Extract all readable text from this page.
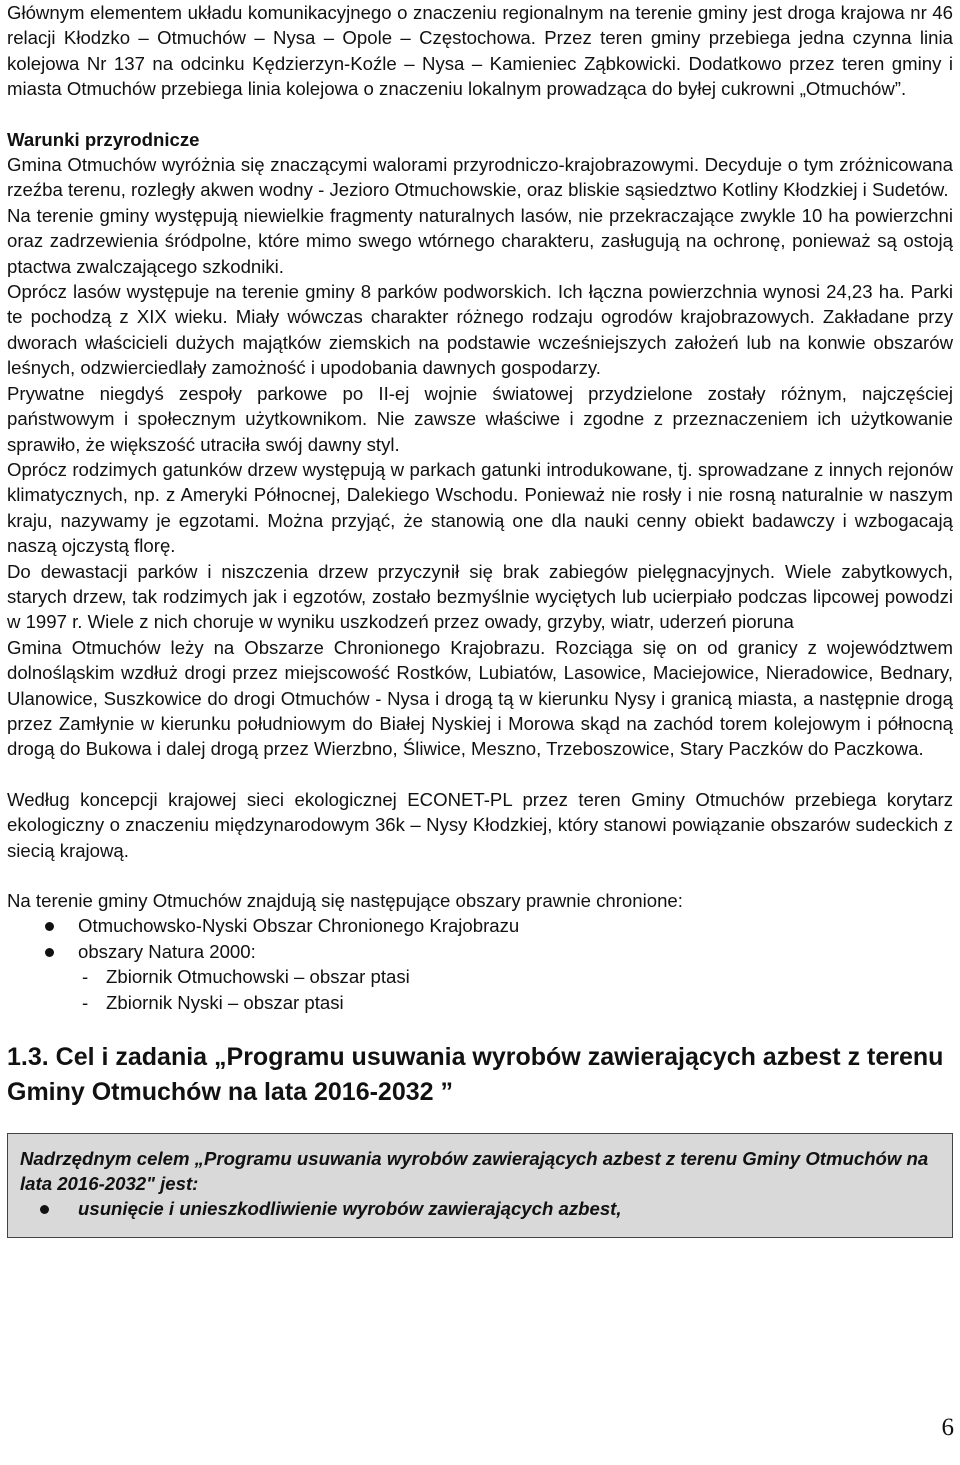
Głównym elementem układu komunikacyjnego o znaczeniu regionalnym na terenie gminy jest droga krajowa nr 46 relacji Kłodzko – Otmuchów – Nysa – Opole – Częstochowa. Przez teren gminy przebiega jedna czynna linia kolejowa Nr 137 na odcinku Kędzierzyn-Koźle – Nysa – Kamieniec Ząbkowicki. Dodatkowo przez teren gminy i miasta Otmuchów przebiega linia kolejowa o znaczeniu lokalnym prowadząca do byłej cukrowni „Otmuchów”.

Warunki przyrodnicze

Gmina Otmuchów wyróżnia się znaczącymi walorami przyrodniczo-krajobrazowymi. Decyduje o tym zróżnicowana rzeźba terenu, rozległy akwen wodny - Jezioro Otmuchowskie, oraz bliskie sąsiedztwo Kotliny Kłodzkiej i Sudetów.

Na terenie gminy występują niewielkie fragmenty naturalnych lasów, nie przekraczające zwykle 10 ha powierzchni oraz zadrzewienia śródpolne, które mimo swego wtórnego charakteru, zasługują na ochronę, ponieważ są ostoją ptactwa zwalczającego szkodniki.

Oprócz lasów występuje na terenie gminy 8 parków podworskich. Ich łączna powierzchnia wynosi 24,23 ha. Parki te pochodzą z XIX wieku. Miały wówczas charakter różnego rodzaju ogrodów krajobrazowych. Zakładane przy dworach właścicieli dużych majątków ziemskich na podstawie wcześniejszych założeń lub na konwie obszarów leśnych, odzwierciedlały zamożność i upodobania dawnych gospodarzy.

Prywatne niegdyś zespoły parkowe po II-ej wojnie światowej przydzielone zostały różnym, najczęściej państwowym i społecznym użytkownikom. Nie zawsze właściwe i zgodne z przeznaczeniem ich użytkowanie sprawiło, że większość utraciła swój dawny styl.

Oprócz rodzimych gatunków drzew występują w parkach gatunki introdukowane, tj. sprowadzane z innych rejonów klimatycznych, np. z Ameryki Północnej, Dalekiego Wschodu. Ponieważ nie rosły i nie rosną naturalnie w naszym kraju, nazywamy je egzotami. Można przyjąć, że stanowią one dla nauki cenny obiekt badawczy i wzbogacają naszą ojczystą florę.

Do dewastacji parków i niszczenia drzew przyczynił się brak zabiegów pielęgnacyjnych. Wiele zabytkowych, starych drzew, tak rodzimych jak i egzotów, zostało bezmyślnie wyciętych lub ucierpiało podczas lipcowej powodzi w 1997 r. Wiele z nich choruje w wyniku uszkodzeń przez owady, grzyby, wiatr, uderzeń pioruna

Gmina Otmuchów leży na Obszarze Chronionego Krajobrazu. Rozciąga się on od granicy z województwem dolnośląskim wzdłuż drogi przez miejscowość Rostków, Lubiatów, Lasowice, Maciejowice, Nieradowice, Bednary, Ulanowice, Suszkowice do drogi Otmuchów - Nysa i drogą tą w kierunku Nysy i granicą miasta, a następnie drogą przez Zamłynie w kierunku południowym do Białej Nyskiej i Morowa skąd na zachód torem kolejowym i północną drogą do Bukowa i dalej drogą przez Wierzbno, Śliwice, Meszno, Trzeboszowice, Stary Paczków do Paczkowa.

Według koncepcji krajowej sieci ekologicznej ECONET-PL przez teren Gminy Otmuchów przebiega korytarz ekologiczny o znaczeniu międzynarodowym 36k – Nysy Kłodzkiej, który stanowi powiązanie obszarów sudeckich z siecią krajową.

Na terenie gminy Otmuchów znajdują się następujące obszary prawnie chronione:

Otmuchowsko-Nyski Obszar Chronionego Krajobrazu
obszary Natura 2000:
- Zbiornik Otmuchowski – obszar ptasi
- Zbiornik Nyski – obszar ptasi
1.3. Cel i zadania „Programu usuwania wyrobów zawierających azbest z terenu Gminy Otmuchów na lata 2016-2032 ”
Nadrzędnym celem „Programu usuwania wyrobów zawierających azbest z terenu Gminy Otmuchów na lata 2016-2032" jest:
usunięcie i unieszkodliwienie wyrobów zawierających azbest,
6
